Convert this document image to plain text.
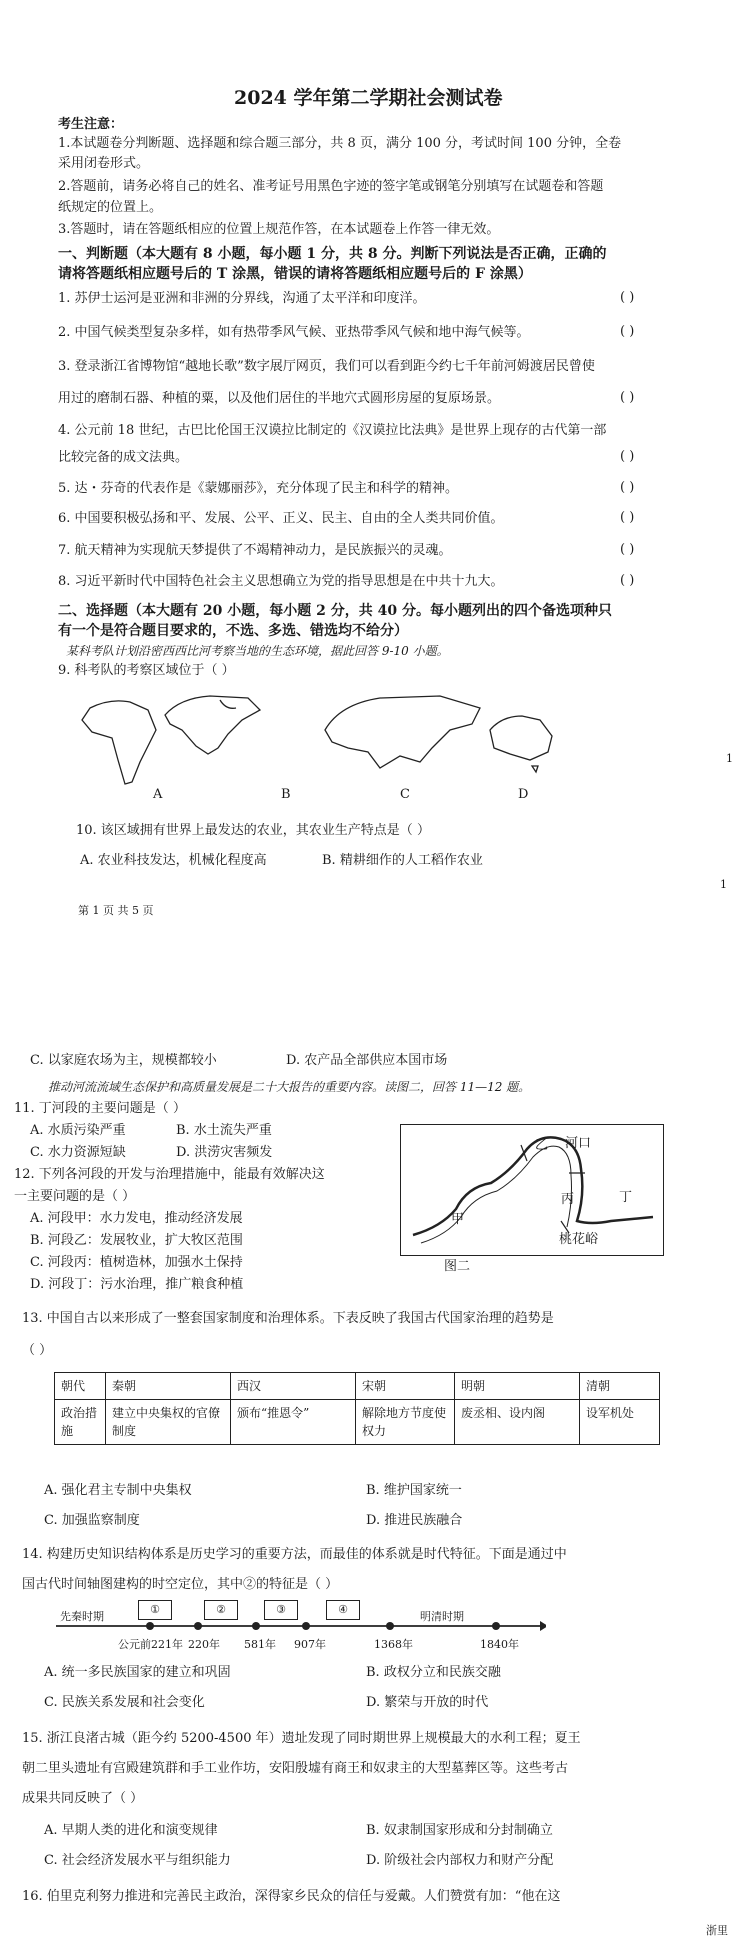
2024 学年第二学期社会测试卷
考生注意：
1.本试题卷分判断题、选择题和综合题三部分，共 8 页，满分 100 分，考试时间 100 分钟，全卷
采用闭卷形式。
2.答题前，请务必将自己的姓名、准考证号用黑色字迹的签字笔或钢笔分别填写在试题卷和答题
纸规定的位置上。
3.答题时，请在答题纸相应的位置上规范作答，在本试题卷上作答一律无效。
一、判断题（本大题有 8 小题，每小题 1 分，共 8 分。判断下列说法是否正确，正确的
请将答题纸相应题号后的 T 涂黑，错误的请将答题纸相应题号后的 F 涂黑）
1. 苏伊士运河是亚洲和非洲的分界线，沟通了太平洋和印度洋。	( )
2. 中国气候类型复杂多样，如有热带季风气候、亚热带季风气候和地中海气候等。	( )
3. 登录浙江省博物馆“越地长歌”数字展厅网页，我们可以看到距今约七千年前河姆渡居民曾使
用过的磨制石器、种植的粟，以及他们居住的半地穴式圆形房屋的复原场景。	( )
4. 公元前 18 世纪，古巴比伦国王汉谟拉比制定的《汉谟拉比法典》是世界上现存的古代第一部
比较完备的成文法典。	( )
5. 达・芬奇的代表作是《蒙娜丽莎》，充分体现了民主和科学的精神。	( )
6. 中国要积极弘扬和平、发展、公平、正义、民主、自由的全人类共同价值。	( )
7. 航天精神为实现航天梦提供了不竭精神动力，是民族振兴的灵魂。	( )
8. 习近平新时代中国特色社会主义思想确立为党的指导思想是在中共十九大。	( )
二、选择题（本大题有 20 小题，每小题 2 分，共 40 分。每小题列出的四个备选项种只
有一个是符合题目要求的，不选、多选、错选均不给分）
某科考队计划沿密西西比河考察当地的生态环境，据此回答 9-10 小题。
9. 科考队的考察区域位于（ ）
A	B	C	D
10. 该区域拥有世界上最发达的农业，其农业生产特点是（ ）
A. 农业科技发达，机械化程度高	B. 精耕细作的人工稻作农业
第 1 页 共 5 页
1
1
C. 以家庭农场为主，规模都较小	D. 农产品全部供应本国市场
推动河流流域生态保护和高质量发展是二十大报告的重要内容。读图二，回答 11—12 题。
11. 丁河段的主要问题是（ ）
A. 水质污染严重	B. 水土流失严重
C. 水力资源短缺	D. 洪涝灾害频发
12. 下列各河段的开发与治理措施中，能最有效解决这
一主要问题的是（ ）
A. 河段甲：水力发电，推动经济发展
B. 河段乙：发展牧业，扩大牧区范围
C. 河段丙：植树造林，加强水土保持
D. 河段丁：污水治理，推广粮食种植
乙 河口
丙	丁
甲
桃花峪
图二
13. 中国自古以来形成了一整套国家制度和治理体系。下表反映了我国古代国家治理的趋势是
（ ）
朝代	秦朝	西汉	宋朝	明朝	清朝
政治措施	建立中央集权的官僚制度	颁布“推恩令”	解除地方节度使权力	废丞相、设内阁	设军机处
A. 强化君主专制中央集权	B. 维护国家统一
C. 加强监察制度	D. 推进民族融合
14. 构建历史知识结构体系是历史学习的重要方法，而最佳的体系就是时代特征。下面是通过中
国古代时间轴图建构的时空定位，其中②的特征是（ ）
先秦时期	明清时期
①	②	③	④
公元前221年 220年 581年 907年	1368年	1840年
A. 统一多民族国家的建立和巩固	B. 政权分立和民族交融
C. 民族关系发展和社会变化	D. 繁荣与开放的时代
15. 浙江良渚古城（距今约 5200-4500 年）遗址发现了同时期世界上规模最大的水利工程；夏王
朝二里头遗址有宫殿建筑群和手工业作坊，安阳殷墟有商王和奴隶主的大型墓葬区等。这些考古
成果共同反映了（ ）
A. 早期人类的进化和演变规律	B. 奴隶制国家形成和分封制确立
C. 社会经济发展水平与组织能力	D. 阶级社会内部权力和财产分配
16. 伯里克利努力推进和完善民主政治，深得家乡民众的信任与爱戴。人们赞赏有加：“他在这
浙里
